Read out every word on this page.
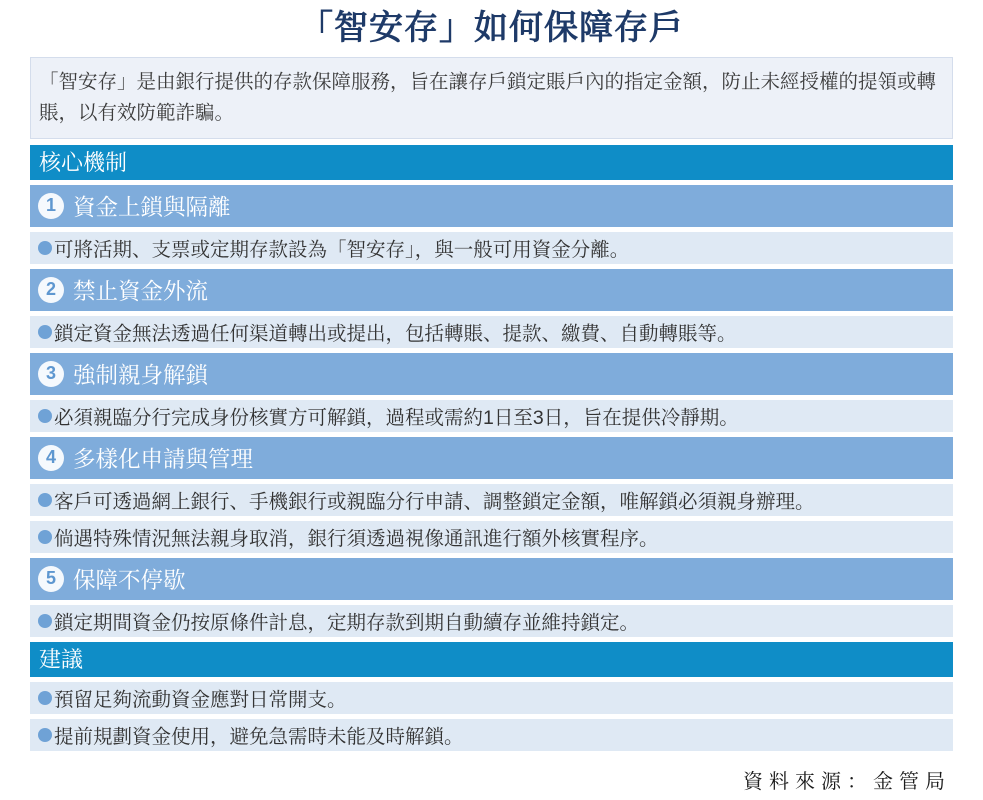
「智安存」如何保障存戶
「智安存」是由銀行提供的存款保障服務，旨在讓存戶鎖定賬戶內的指定金額，防止未經授權的提領或轉賬，以有效防範詐騙。
核心機制
1 資金上鎖與隔離
可將活期、支票或定期存款設為「智安存」，與一般可用資金分離。
2 禁止資金外流
鎖定資金無法透過任何渠道轉出或提出，包括轉賬、提款、繳費、自動轉賬等。
3 強制親身解鎖
必須親臨分行完成身份核實方可解鎖，過程或需約1日至3日，旨在提供冷靜期。
4 多樣化申請與管理
客戶可透過網上銀行、手機銀行或親臨分行申請、調整鎖定金額，唯解鎖必須親身辦理。
倘遇特殊情況無法親身取消，銀行須透過視像通訊進行額外核實程序。
5 保障不停歇
鎖定期間資金仍按原條件計息，定期存款到期自動續存並維持鎖定。
建議
預留足夠流動資金應對日常開支。
提前規劃資金使用，避免急需時未能及時解鎖。
資料來源：金管局
